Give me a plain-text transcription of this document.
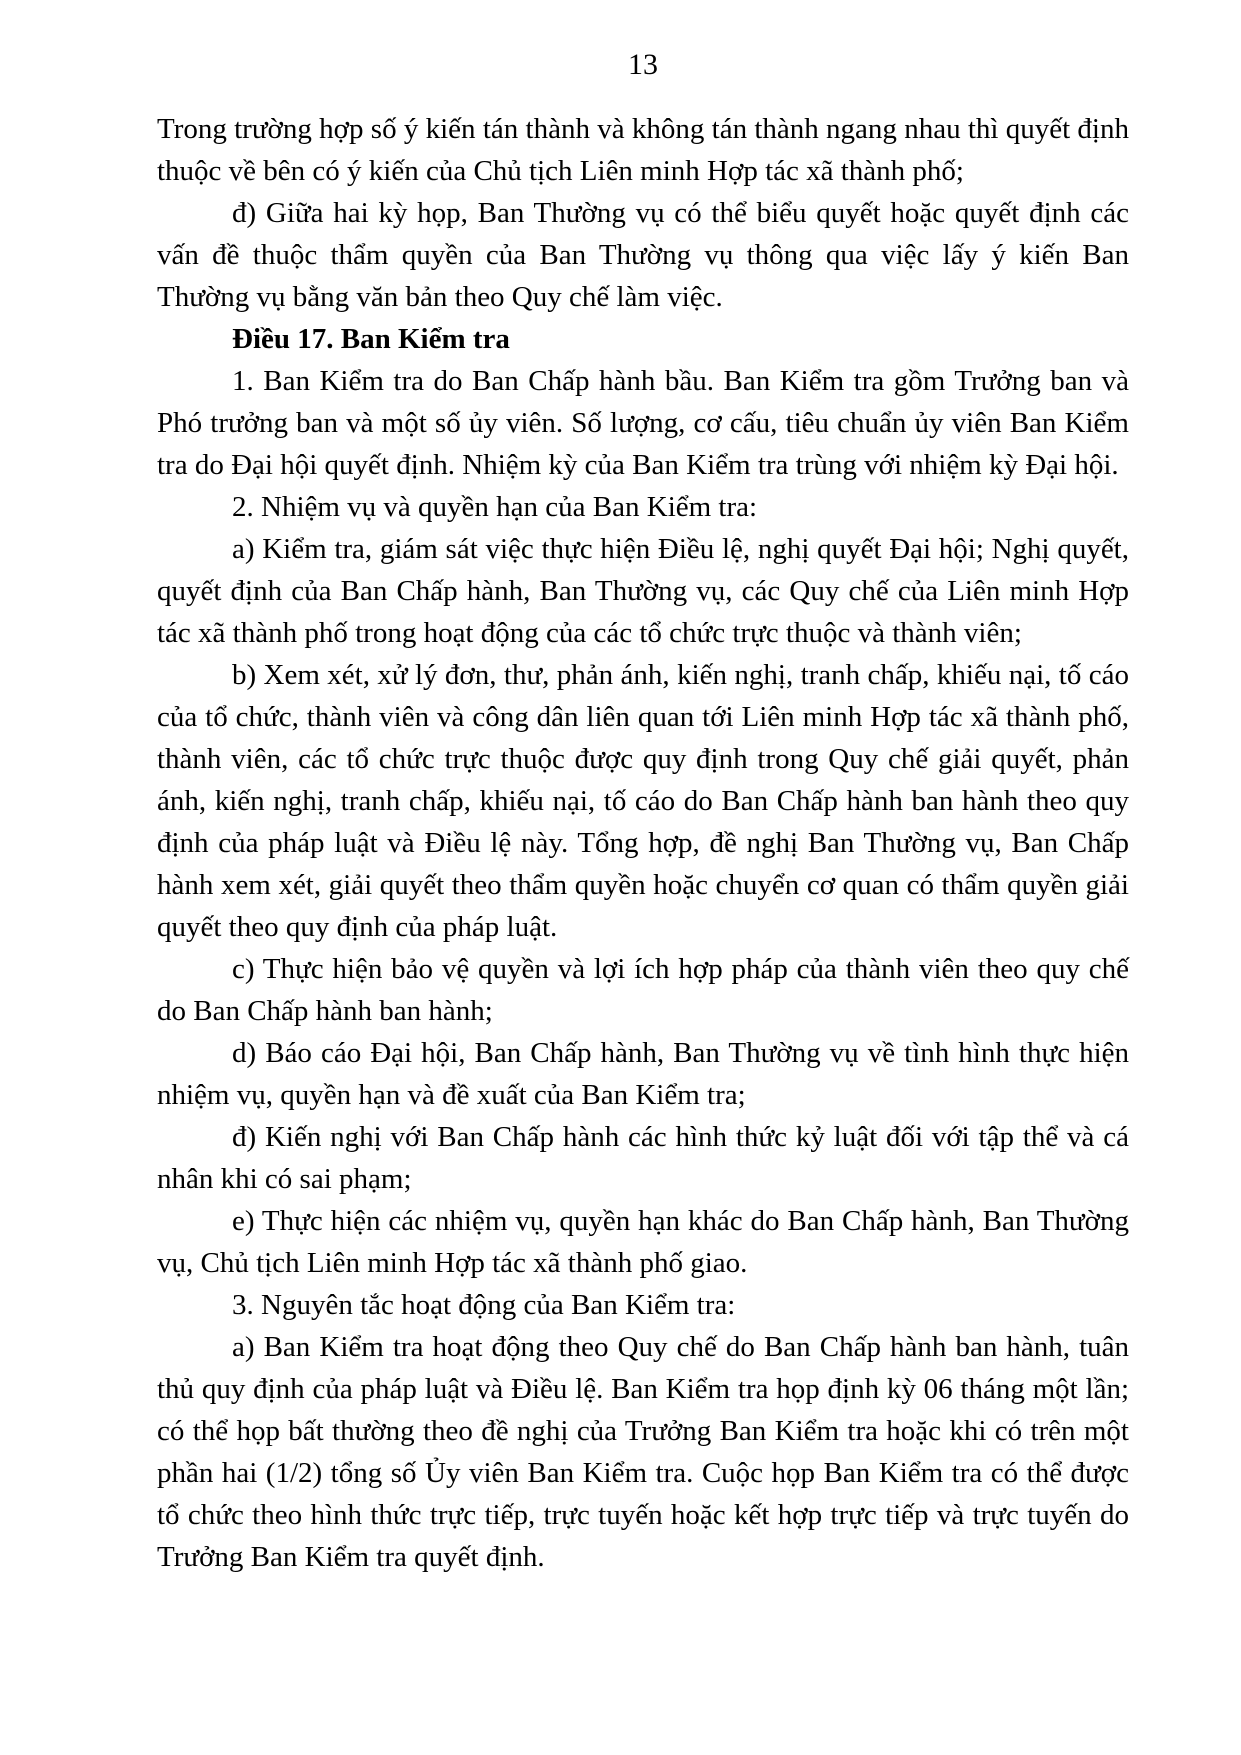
13

Trong trường hợp số ý kiến tán thành và không tán thành ngang nhau thì quyết định thuộc về bên có ý kiến của Chủ tịch Liên minh Hợp tác xã thành phố;

đ) Giữa hai kỳ họp, Ban Thường vụ có thể biểu quyết hoặc quyết định các vấn đề thuộc thẩm quyền của Ban Thường vụ thông qua việc lấy ý kiến Ban Thường vụ bằng văn bản theo Quy chế làm việc.

Điều 17. Ban Kiểm tra

1. Ban Kiểm tra do Ban Chấp hành bầu. Ban Kiểm tra gồm Trưởng ban và Phó trưởng ban và một số ủy viên. Số lượng, cơ cấu, tiêu chuẩn ủy viên Ban Kiểm tra do Đại hội quyết định. Nhiệm kỳ của Ban Kiểm tra trùng với nhiệm kỳ Đại hội.

2. Nhiệm vụ và quyền hạn của Ban Kiểm tra:

a) Kiểm tra, giám sát việc thực hiện Điều lệ, nghị quyết Đại hội; Nghị quyết, quyết định của Ban Chấp hành, Ban Thường vụ, các Quy chế của Liên minh Hợp tác xã thành phố trong hoạt động của các tổ chức trực thuộc và thành viên;

b) Xem xét, xử lý đơn, thư, phản ánh, kiến nghị, tranh chấp, khiếu nại, tố cáo của tổ chức, thành viên và công dân liên quan tới Liên minh Hợp tác xã thành phố, thành viên, các tổ chức trực thuộc được quy định trong Quy chế giải quyết, phản ánh, kiến nghị, tranh chấp, khiếu nại, tố cáo do Ban Chấp hành ban hành theo quy định của pháp luật và Điều lệ này. Tổng hợp, đề nghị Ban Thường vụ, Ban Chấp hành xem xét, giải quyết theo thẩm quyền hoặc chuyển cơ quan có thẩm quyền giải quyết theo quy định của pháp luật.

c) Thực hiện bảo vệ quyền và lợi ích hợp pháp của thành viên theo quy chế do Ban Chấp hành ban hành;

d) Báo cáo Đại hội, Ban Chấp hành, Ban Thường vụ về tình hình thực hiện nhiệm vụ, quyền hạn và đề xuất của Ban Kiểm tra;

đ) Kiến nghị với Ban Chấp hành các hình thức kỷ luật đối với tập thể và cá nhân khi có sai phạm;

e) Thực hiện các nhiệm vụ, quyền hạn khác do Ban Chấp hành, Ban Thường vụ, Chủ tịch Liên minh Hợp tác xã thành phố giao.

3. Nguyên tắc hoạt động của Ban Kiểm tra:

a) Ban Kiểm tra hoạt động theo Quy chế do Ban Chấp hành ban hành, tuân thủ quy định của pháp luật và Điều lệ. Ban Kiểm tra họp định kỳ 06 tháng một lần; có thể họp bất thường theo đề nghị của Trưởng Ban Kiểm tra hoặc khi có trên một phần hai (1/2) tổng số Ủy viên Ban Kiểm tra. Cuộc họp Ban Kiểm tra có thể được tổ chức theo hình thức trực tiếp, trực tuyến hoặc kết hợp trực tiếp và trực tuyến do Trưởng Ban Kiểm tra quyết định.
